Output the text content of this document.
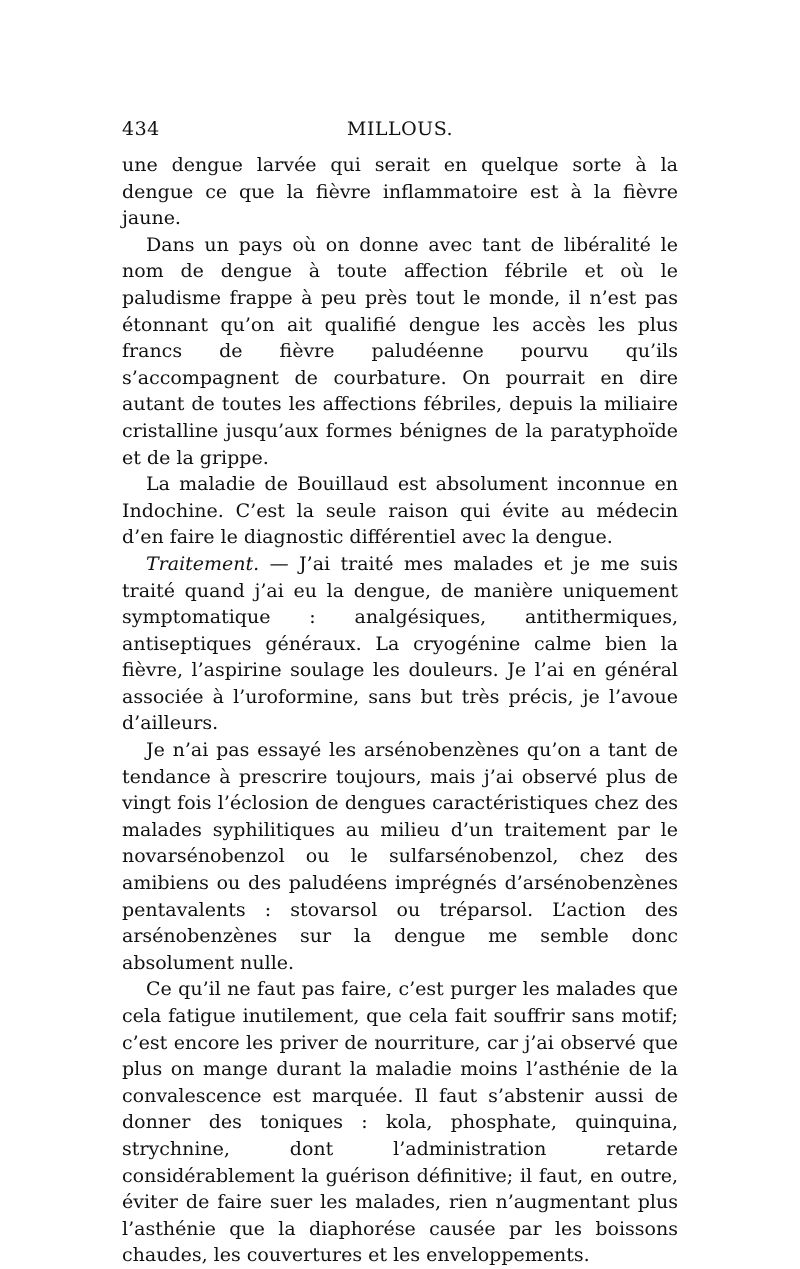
434	MILLOUS.

une dengue larvée qui serait en quelque sorte à la dengue ce que la fièvre inflammatoire est à la fièvre jaune.

Dans un pays où on donne avec tant de libéralité le nom de dengue à toute affection fébrile et où le paludisme frappe à peu près tout le monde, il n’est pas étonnant qu’on ait qualifié dengue les accès les plus francs de fièvre paludéenne pourvu qu’ils s’accompagnent de courbature. On pourrait en dire autant de toutes les affections fébriles, depuis la miliaire cristalline jusqu’aux formes bénignes de la paratyphoïde et de la grippe.

La maladie de Bouillaud est absolument inconnue en Indochine. C’est la seule raison qui évite au médecin d’en faire le diagnostic différentiel avec la dengue.

Traitement. — J’ai traité mes malades et je me suis traité quand j’ai eu la dengue, de manière uniquement symptomatique : analgésiques, antithermiques, antiseptiques généraux. La cryogénine calme bien la fièvre, l’aspirine soulage les douleurs. Je l’ai en général associée à l’uroformine, sans but très précis, je l’avoue d’ailleurs.

Je n’ai pas essayé les arsénobenzènes qu’on a tant de tendance à prescrire toujours, mais j’ai observé plus de vingt fois l’éclosion de dengues caractéristiques chez des malades syphilitiques au milieu d’un traitement par le novarsénobenzol ou le sulfarsénobenzol, chez des amibiens ou des paludéens imprégnés d’arsénobenzènes pentavalents : stovarsol ou tréparsol. L’action des arsénobenzènes sur la dengue me semble donc absolument nulle.

Ce qu’il ne faut pas faire, c’est purger les malades que cela fatigue inutilement, que cela fait souffrir sans motif; c’est encore les priver de nourriture, car j’ai observé que plus on mange durant la maladie moins l’asthénie de la convalescence est marquée. Il faut s’abstenir aussi de donner des toniques : kola, phosphate, quinquina, strychnine, dont l’administration retarde considérablement la guérison définitive; il faut, en outre, éviter de faire suer les malades, rien n’augmentant plus l’asthénie que la diaphorése causée par les boissons chaudes, les couvertures et les enveloppements.
